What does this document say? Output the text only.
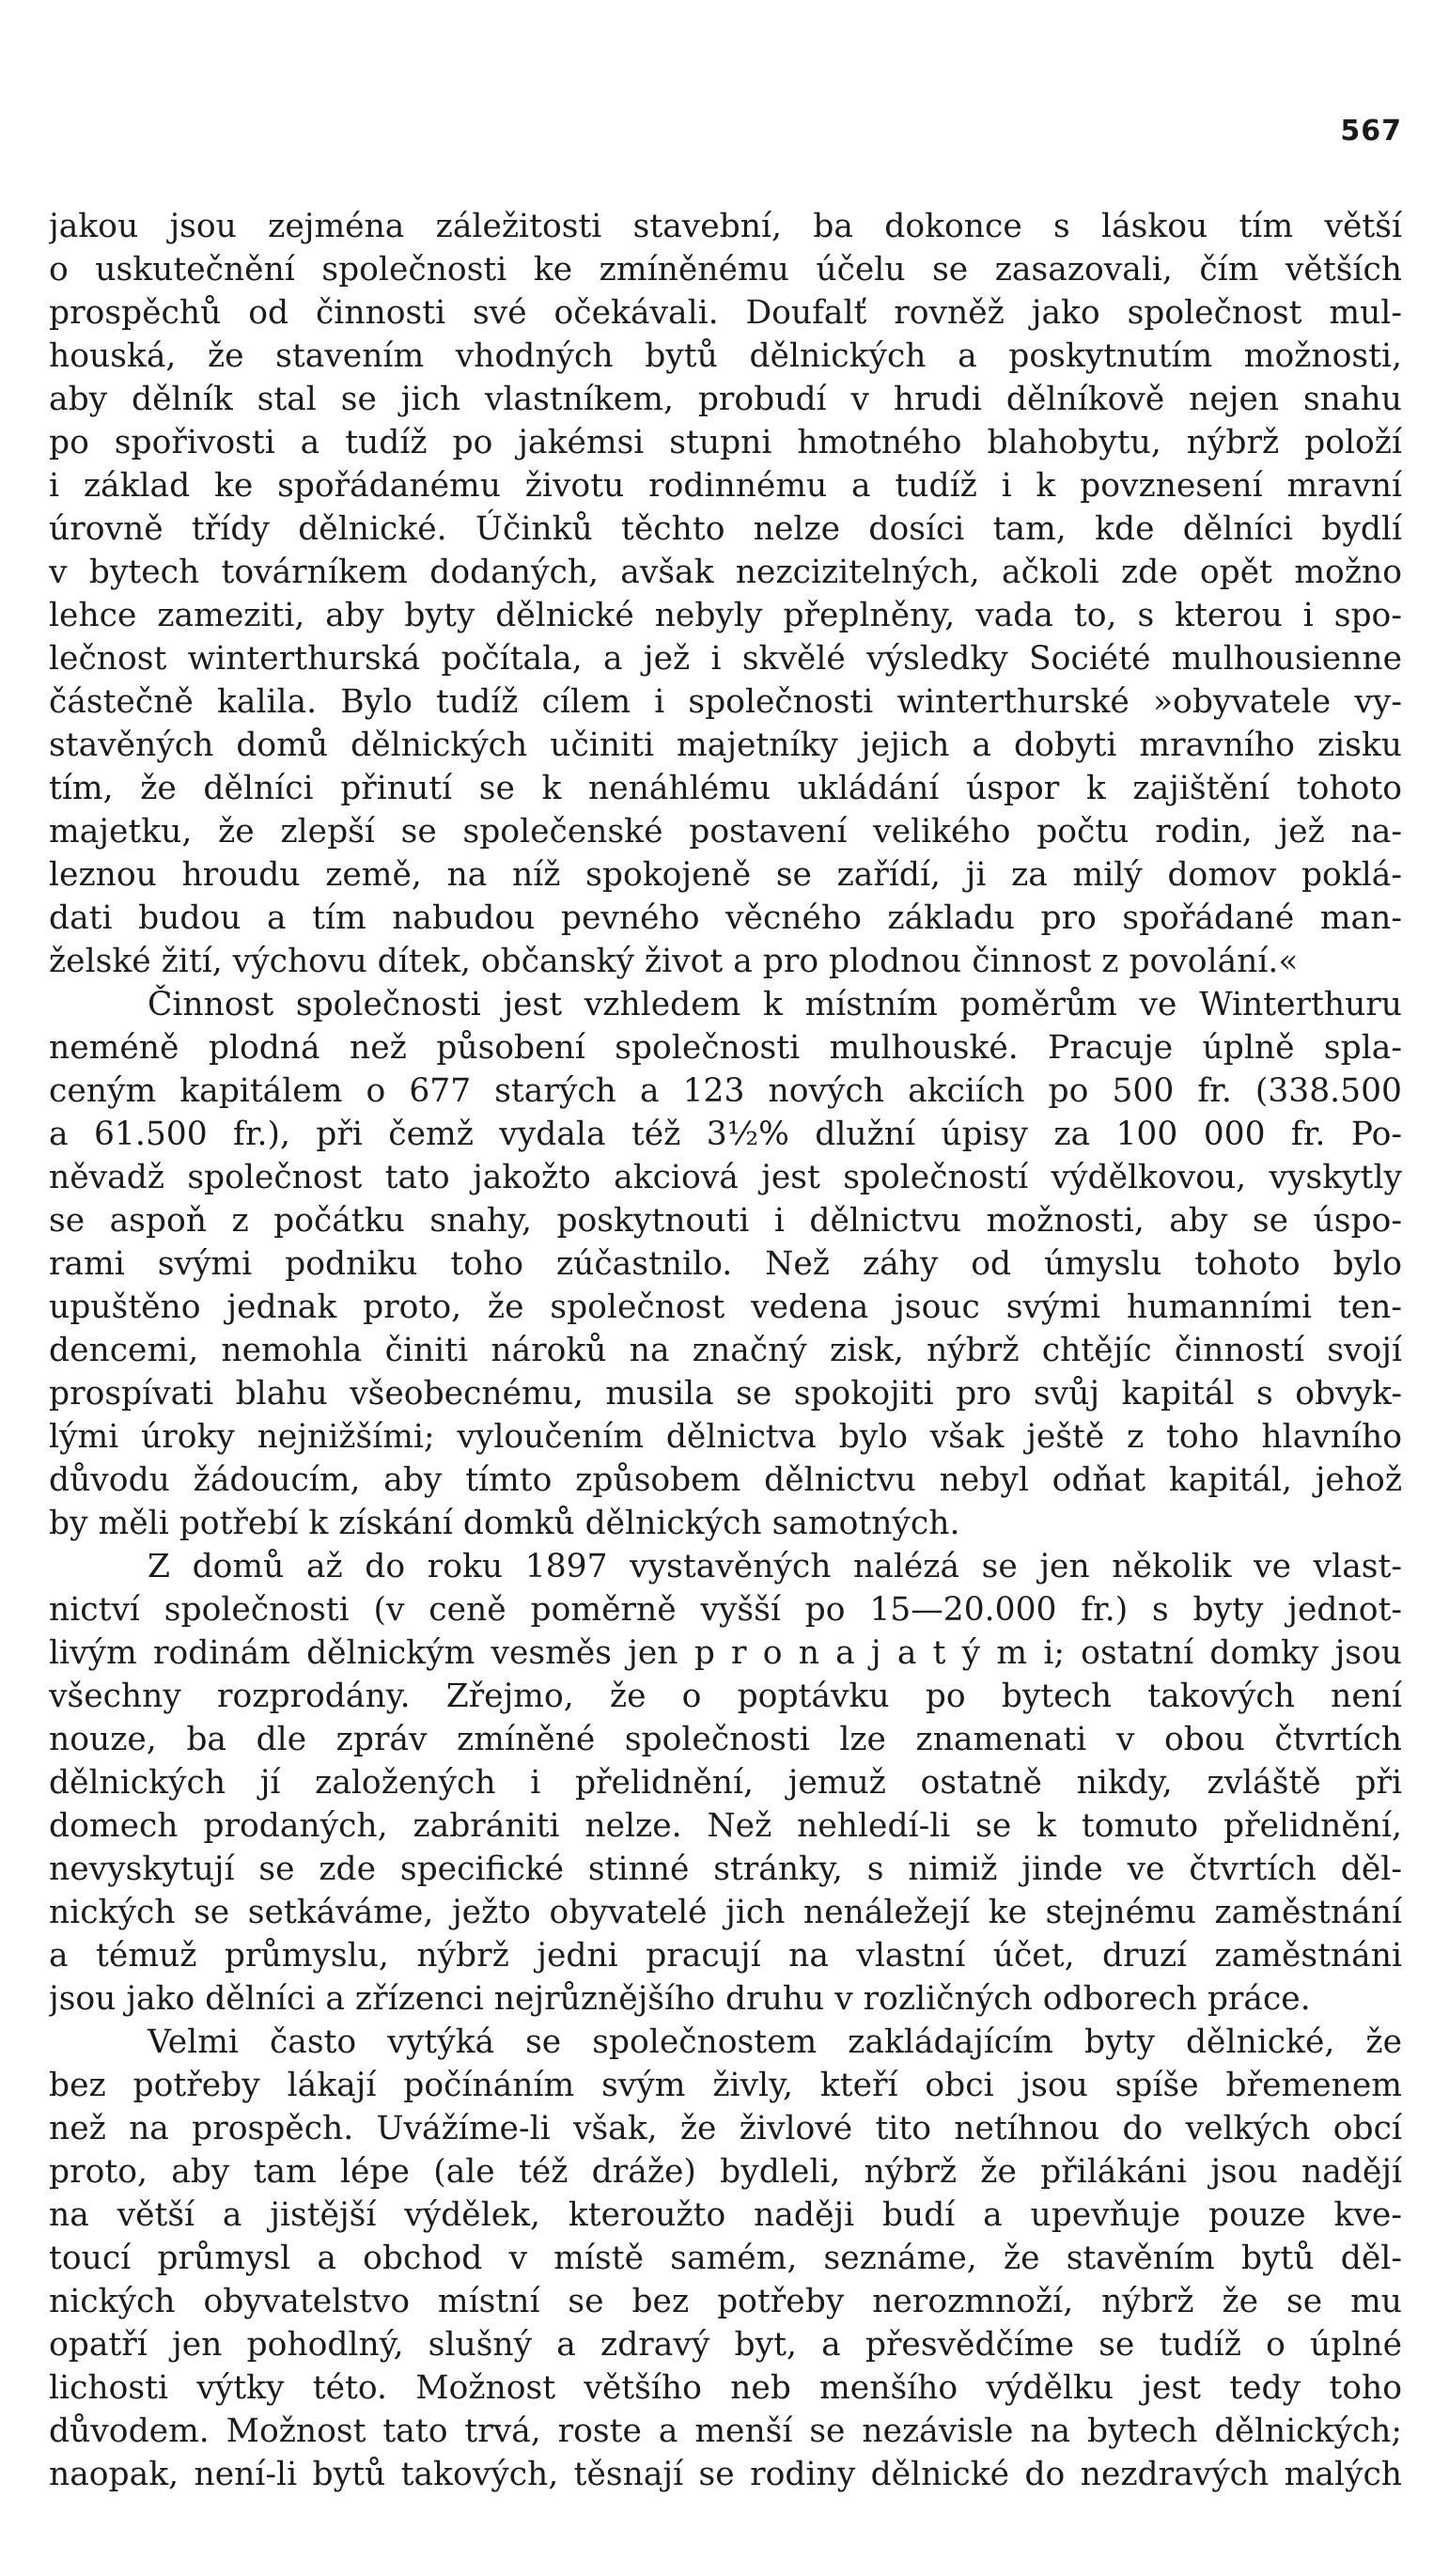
567

jakou jsou zejména záležitosti stavební, ba dokonce s láskou tím větší
o uskutečnění společnosti ke zmíněnému účelu se zasazovali, čím větších
prospěchů od činnosti své očekávali. Doufalť rovněž jako společnost mul-
houská, že stavením vhodných bytů dělnických a poskytnutím možnosti,
aby dělník stal se jich vlastníkem, probudí v hrudi dělníkově nejen snahu
po spořivosti a tudíž po jakémsi stupni hmotného blahobytu, nýbrž položí
i základ ke spořádanému životu rodinnému a tudíž i k povznesení mravní
úrovně třídy dělnické. Účinků těchto nelze dosíci tam, kde dělníci bydlí
v bytech továrníkem dodaných, avšak nezcizitelných, ačkoli zde opět možno
lehce zameziti, aby byty dělnické nebyly přeplněny, vada to, s kterou i spo-
lečnost winterthurská počítala, a jež i skvělé výsledky Société mulhousienne
částečně kalila. Bylo tudíž cílem i společnosti winterthurské »obyvatele vy-
stavěných domů dělnických učiniti majetníky jejich a dobyti mravního zisku
tím, že dělníci přinutí se k nenáhlému ukládání úspor k zajištění tohoto
majetku, že zlepší se společenské postavení velikého počtu rodin, jež na-
leznou hroudu země, na níž spokojeně se zařídí, ji za milý domov poklá-
dati budou a tím nabudou pevného věcného základu pro spořádané man-
želské žití, výchovu dítek, občanský život a pro plodnou činnost z povolání.«

Činnost společnosti jest vzhledem k místním poměrům ve Winterthuru
neméně plodná než působení společnosti mulhouské. Pracuje úplně spla-
ceným kapitálem o 677 starých a 123 nových akciích po 500 fr. (338.500
a 61.500 fr.), při čemž vydala též 3½% dlužní úpisy za 100 000 fr. Po-
něvadž společnost tato jakožto akciová jest společností výdělkovou, vyskytly
se aspoň z počátku snahy, poskytnouti i dělnictvu možnosti, aby se úspo-
rami svými podniku toho zúčastnilo. Než záhy od úmyslu tohoto bylo
upuštěno jednak proto, že společnost vedena jsouc svými humanními ten-
dencemi, nemohla činiti nároků na značný zisk, nýbrž chtějíc činností svojí
prospívati blahu všeobecnému, musila se spokojiti pro svůj kapitál s obvyk-
lými úroky nejnižšími; vyloučením dělnictva bylo však ještě z toho hlavního
důvodu žádoucím, aby tímto způsobem dělnictvu nebyl odňat kapitál, jehož
by měli potřebí k získání domků dělnických samotných.

Z domů až do roku 1897 vystavěných nalézá se jen několik ve vlast-
nictví společnosti (v ceně poměrně vyšší po 15—20.000 fr.) s byty jednot-
livým rodinám dělnickým vesměs jen p r o n a j a t ý m i; ostatní domky jsou
všechny rozprodány. Zřejmo, že o poptávku po bytech takových není
nouze, ba dle zpráv zmíněné společnosti lze znamenati v obou čtvrtích
dělnických jí založených i přelidnění, jemuž ostatně nikdy, zvláště při
domech prodaných, zabrániti nelze. Než nehledí-li se k tomuto přelidnění,
nevyskytují se zde specifické stinné stránky, s nimiž jinde ve čtvrtích děl-
nických se setkáváme, ježto obyvatelé jich nenáležejí ke stejnému zaměstnání
a témuž průmyslu, nýbrž jedni pracují na vlastní účet, druzí zaměstnáni
jsou jako dělníci a zřízenci nejrůznějšího druhu v rozličných odborech práce.

Velmi často vytýká se společnostem zakládajícím byty dělnické, že
bez potřeby lákají počínáním svým živly, kteří obci jsou spíše břemenem
než na prospěch. Uvážíme-li však, že živlové tito netíhnou do velkých obcí
proto, aby tam lépe (ale též dráže) bydleli, nýbrž že přilákáni jsou nadějí
na větší a jistější výdělek, kteroužto naději budí a upevňuje pouze kve-
toucí průmysl a obchod v místě samém, seznáme, že stavěním bytů děl-
nických obyvatelstvo místní se bez potřeby nerozmnoží, nýbrž že se mu
opatří jen pohodlný, slušný a zdravý byt, a přesvědčíme se tudíž o úplné
lichosti výtky této. Možnost většího neb menšího výdělku jest tedy toho
důvodem. Možnost tato trvá, roste a menší se nezávisle na bytech dělnických;
naopak, není-li bytů takových, těsnají se rodiny dělnické do nezdravých malých
